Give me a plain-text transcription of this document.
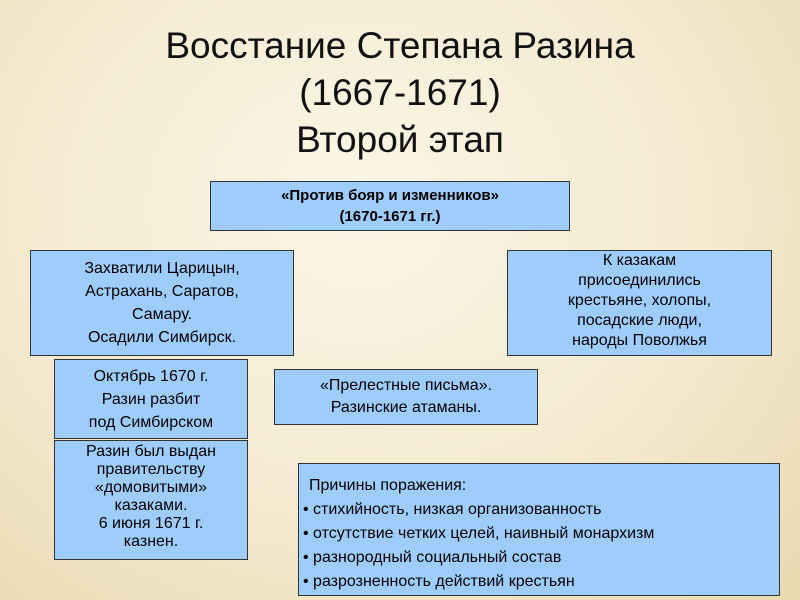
Восстание Степана Разина
(1667-1671)
Второй этап
«Против бояр и изменников»
(1670-1671 гг.)
Захватили Царицын,
Астрахань, Саратов,
Самару.
Осадили Симбирск.
К казакам
присоединились
крестьяне, холопы,
посадские люди,
народы Поволжья
Октябрь 1670 г.
Разин разбит
под Симбирском
«Прелестные письма».
Разинские атаманы.
Разин был выдан
правительству
«домовитыми»
казаками.
6 июня 1671 г.
казнен.
Причины поражения:
• стихийность, низкая организованность
• отсутствие четких целей, наивный монархизм
• разнородный социальный состав
• разрозненность действий крестьян
